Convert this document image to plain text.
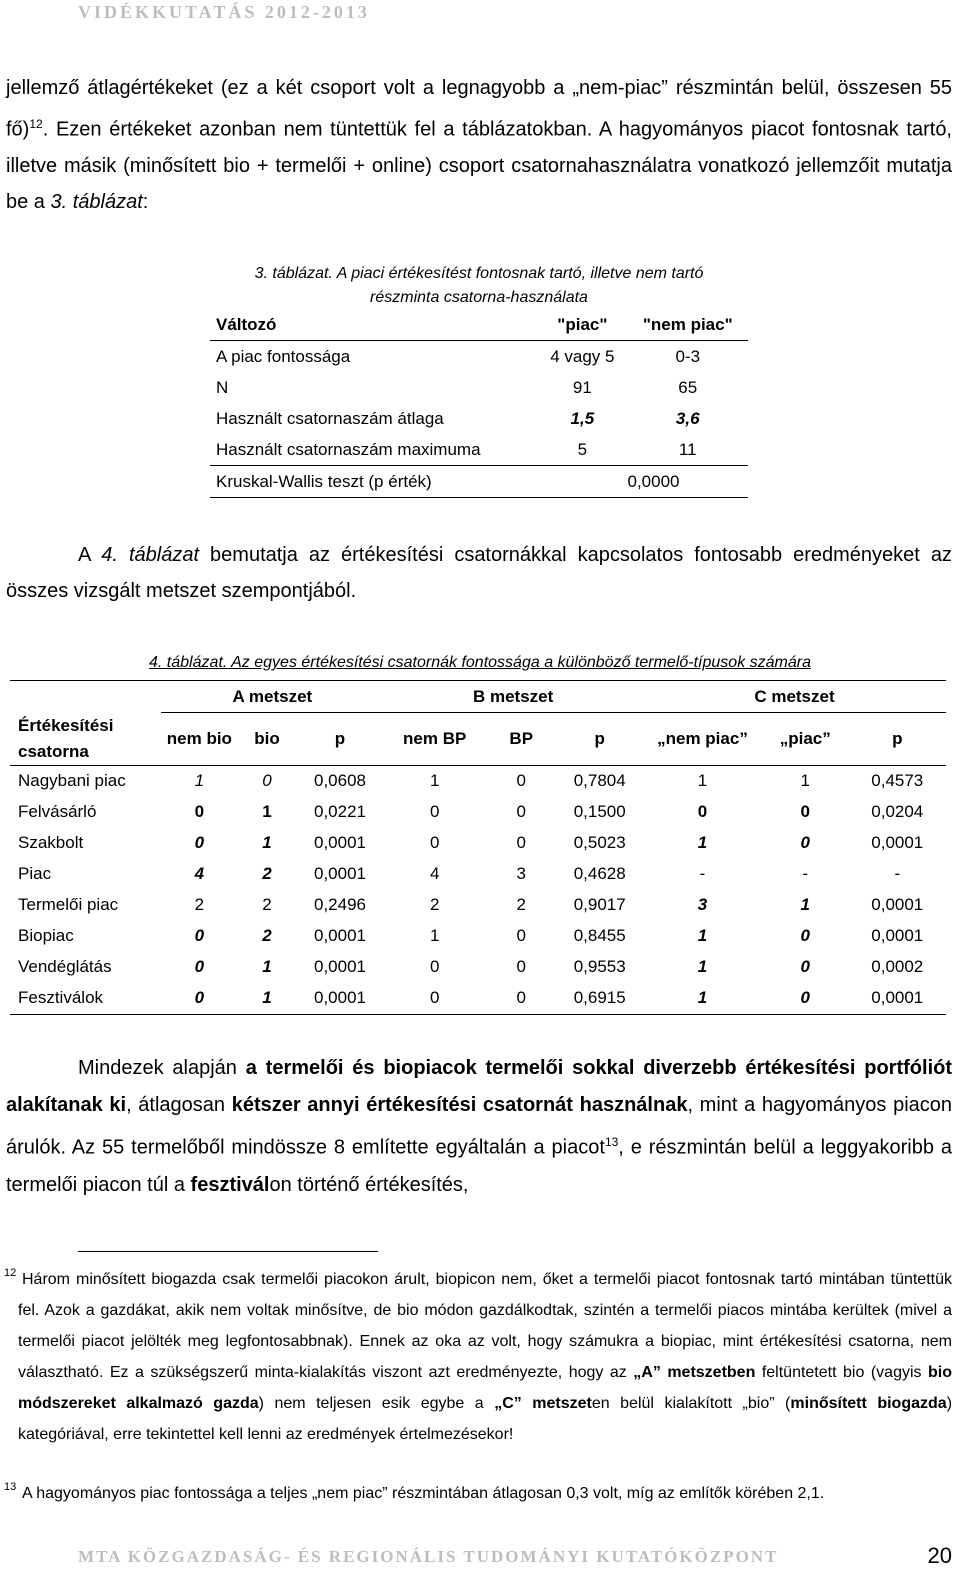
VIDÉKKUTATÁS 2012-2013

jellemző átlagértékeket (ez a két csoport volt a legnagyobb a „nem-piac” részmintán belül, összesen 55 fő)$^{12}$. Ezen értékeket azonban nem tüntettük fel a táblázatokban. A hagyományos piacot fontosnak tartó, illetve másik (minősített bio + termelői + online) csoport csatornahasználatra vonatkozó jellemzőit mutatja be a 3. táblázat:

3. táblázat. A piaci értékesítést fontosnak tartó, illetve nem tartó
részminta csatorna-használata
Változó	"piac"	"nem piac"
A piac fontossága	4 vagy 5	0-3
N	91	65
Használt csatornaszám átlaga	1,5	3,6
Használt csatornaszám maximuma	5	11
Kruskal-Wallis teszt (p érték)		0,0000
A 4. táblázat bemutatja az értékesítési csatornákkal kapcsolatos fontosabb eredményeket az összes vizsgált metszet szempontjából.
4. táblázat. Az egyes értékesítési csatornák fontossága a különböző termelő-típusok számára
	A metszet			B metszet			C metszet		
Értékesítési csatorna	nem bio	bio	p	nem BP	BP	p	„nem piac”	„piac”	p
Nagybani piac	1	0	0,0608	1	0	0,7804	1	1	0,4573
Felvásárló	0	1	0,0221	0	0	0,1500	0	0	0,0204
Szakbolt	0	1	0,0001	0	0	0,5023	1	0	0,0001
Piac	4	2	0,0001	4	3	0,4628	-	-	-
Termelői piac	2	2	0,2496	2	2	0,9017	3	1	0,0001
Biopiac	0	2	0,0001	1	0	0,8455	1	0	0,0001
Vendéglátás	0	1	0,0001	0	0	0,9553	1	0	0,0002
Fesztiválok	0	1	0,0001	0	0	0,6915	1	0	0,0001
Mindezek alapján a termelői és biopiacok termelői sokkal diverzebb értékesítési portfóliót alakítanak ki, átlagosan kétszer annyi értékesítési csatornát használnak, mint a hagyományos piacon árulók. Az 55 termelőből mindössze 8 említette egyáltalán a piacot$^{13}$, e részmintán belül a leggyakoribb a termelői piacon túl a fesztiválon történő értékesítés,
12 Három minősített biogazda csak termelői piacokon árult, biopicon nem, őket a termelői piacot fontosnak tartó mintában tüntettük fel. Azok a gazdákat, akik nem voltak minősítve, de bio módon gazdálkodtak, szintén a termelői piacos mintába kerültek (mivel a termelői piacot jelölték meg legfontosabbnak). Ennek az oka az volt, hogy számukra a biopiac, mint értékesítési csatorna, nem választható. Ez a szükségszerű minta-kialakítás viszont azt eredményezte, hogy az „A” metszetben feltüntetett bio (vagyis bio módszereket alkalmazó gazda) nem teljesen esik egybe a „C” metszeten belül kialakított „bio” (minősített biogazda) kategóriával, erre tekintettel kell lenni az eredmények értelmezésekor!
13 A hagyományos piac fontossága a teljes „nem piac” részmintában átlagosan 0,3 volt, míg az említők körében 2,1.
MTA KÖZGAZDASÁG- ÉS REGIONÁLIS TUDOMÁNYI KUTATÓKÖZPONT	20
